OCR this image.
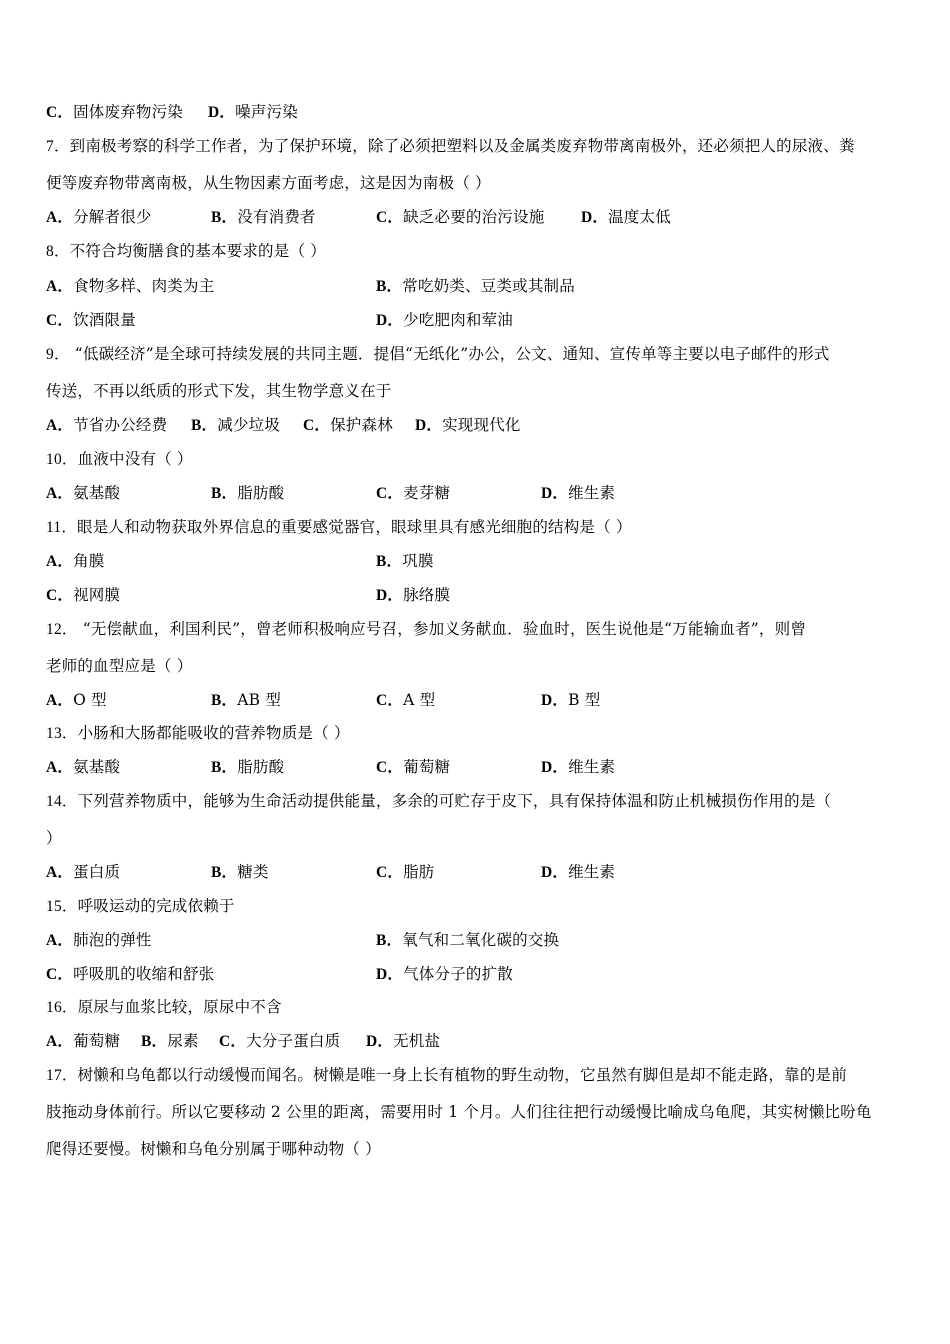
C．固体废弃物污染 D．噪声污染
7．到南极考察的科学工作者，为了保护环境，除了必须把塑料以及金属类废弃物带离南极外，还必须把人的尿液、粪
便等废弃物带离南极，从生物因素方面考虑，这是因为南极（ ）
A．分解者很少	B．没有消费者	C．缺乏必要的治污设施 D．温度太低
8．不符合均衡膳食的基本要求的是（ ）
A．食物多样、肉类为主	B．常吃奶类、豆类或其制品
C．饮酒限量	D．少吃肥肉和荤油
9． “低碳经济”是全球可持续发展的共同主题．提倡“无纸化”办公，公文、通知、宣传单等主要以电子邮件的形式
传送，不再以纸质的形式下发，其生物学意义在于
A．节省办公经费 B．减少垃圾 C．保护森林 D．实现现代化
10．血液中没有（ ）
A．氨基酸	B．脂肪酸	C．麦芽糖	D．维生素
11．眼是人和动物获取外界信息的重要感觉器官，眼球里具有感光细胞的结构是（ ）
A．角膜	B．巩膜
C．视网膜	D．脉络膜
12． “无偿献血，利国利民”，曾老师积极响应号召，参加义务献血．验血时，医生说他是“万能输血者”，则曾
老师的血型应是（ ）
A．O 型	B．AB 型	C．A 型	D．B 型
13．小肠和大肠都能吸收的营养物质是（ ）
A．氨基酸	B．脂肪酸	C．葡萄糖	D．维生素
14．下列营养物质中，能够为生命活动提供能量，多余的可贮存于皮下，具有保持体温和防止机械损伤作用的是（
）
A．蛋白质	B．糖类	C．脂肪	D．维生素
15．呼吸运动的完成依赖于
A．肺泡的弹性	B．氧气和二氧化碳的交换
C．呼吸肌的收缩和舒张	D．气体分子的扩散
16．原尿与血浆比较，原尿中不含
A．葡萄糖 B．尿素 C．大分子蛋白质 D．无机盐
17．树懒和乌龟都以行动缓慢而闻名。树懒是唯一身上长有植物的野生动物，它虽然有脚但是却不能走路，靠的是前
肢拖动身体前行。所以它要移动 2 公里的距离，需要用时 1 个月。人们往往把行动缓慢比喻成乌龟爬，其实树懒比吩龟
爬得还要慢。树懒和乌龟分别属于哪种动物（ ）
